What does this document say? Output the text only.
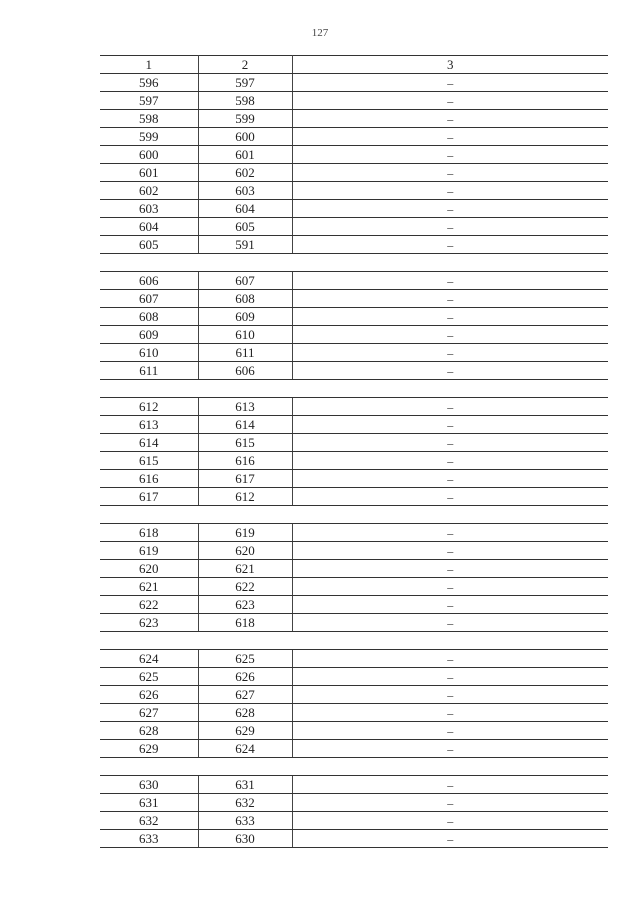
127
1	2	3
596	597	–
597	598	–
598	599	–
599	600	–
600	601	–
601	602	–
602	603	–
603	604	–
604	605	–
605	591	–

606	607	–
607	608	–
608	609	–
609	610	–
610	611	–
611	606	–

612	613	–
613	614	–
614	615	–
615	616	–
616	617	–
617	612	–

618	619	–
619	620	–
620	621	–
621	622	–
622	623	–
623	618	–

624	625	–
625	626	–
626	627	–
627	628	–
628	629	–
629	624	–

630	631	–
631	632	–
632	633	–
633	630	–
